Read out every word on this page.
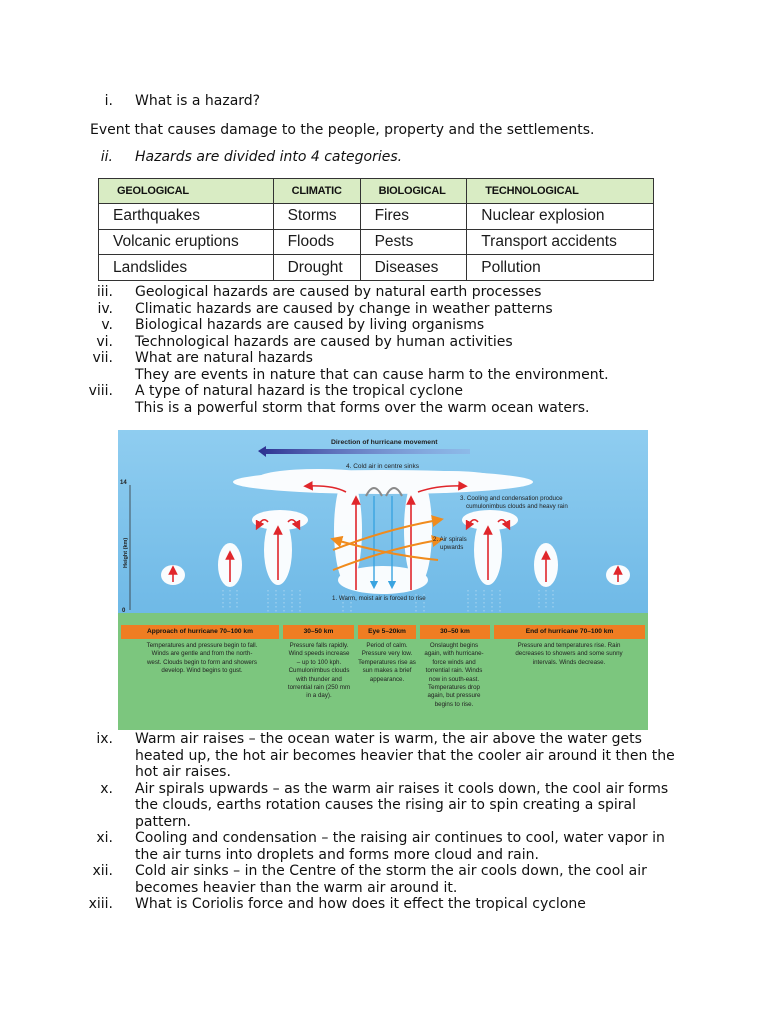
i. What is a hazard?
Event that causes damage to the people, property and the settlements.
ii. Hazards are divided into 4 categories.
GEOLOGICAL	CLIMATIC	BIOLOGICAL	TECHNOLOGICAL
Earthquakes	Storms	Fires	Nuclear explosion
Volcanic eruptions	Floods	Pests	Transport accidents
Landslides	Drought	Diseases	Pollution
iii. Geological hazards are caused by natural earth processes
iv. Climatic hazards are caused by change in weather patterns
v. Biological hazards are caused by living organisms
vi. Technological hazards are caused by human activities
vii. What are natural hazards
They are events in nature that can cause harm to the environment.
viii. A type of natural hazard is the tropical cyclone
This is a powerful storm that forms over the warm ocean waters.
Direction of hurricane movement
14
0
Height (km)
4. Cold air in centre sinks
3. Cooling and condensation produce
cumulonimbus clouds and heavy rain
2. Air spirals
upwards
1. Warm, moist air is forced to rise
Approach of hurricane 70–100 km	30–50 km	Eye 5–20km	30–50 km	End of hurricane 70–100 km
Temperatures and pressure begin to fall. Winds are gentle and from the north-west. Clouds begin to form and showers develop. Wind begins to gust.
Pressure falls rapidly. Wind speeds increase – up to 100 kph. Cumulonimbus clouds with thunder and torrential rain (250 mm in a day).
Period of calm. Pressure very low. Temperatures rise as sun makes a brief appearance.
Onslaught begins again, with hurricane-force winds and torrential rain. Winds now in south-east. Temperatures drop again, but pressure begins to rise.
Pressure and temperatures rise. Rain decreases to showers and some sunny intervals. Winds decrease.
ix. Warm air raises – the ocean water is warm, the air above the water gets
heated up, the hot air becomes heavier that the cooler air around it then the
hot air raises.
x. Air spirals upwards – as the warm air raises it cools down, the cool air forms
the clouds, earths rotation causes the rising air to spin creating a spiral
pattern.
xi. Cooling and condensation – the raising air continues to cool, water vapor in
the air turns into droplets and forms more cloud and rain.
xii. Cold air sinks – in the Centre of the storm the air cools down, the cool air
becomes heavier than the warm air around it.
xiii. What is Coriolis force and how does it effect the tropical cyclone
